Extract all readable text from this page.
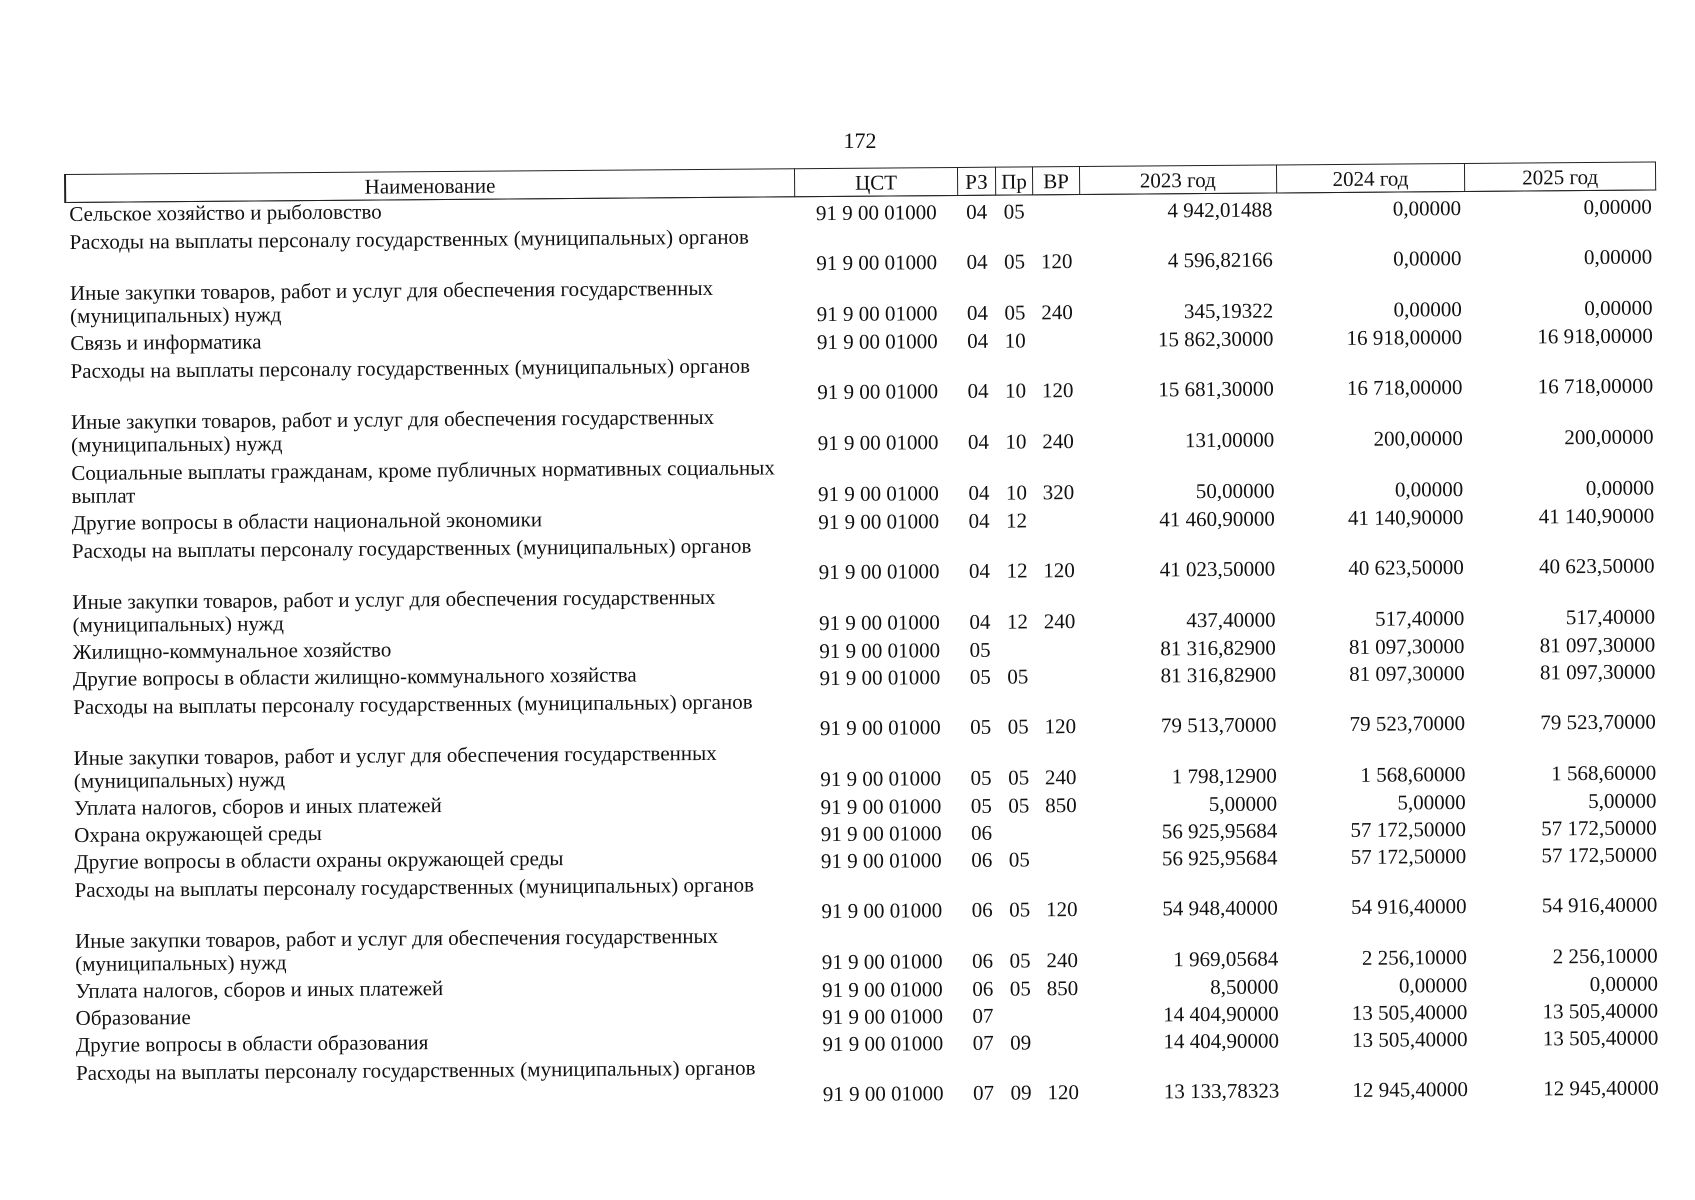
172
Наименование	ЦСТ	РЗ	Пр	ВР	2023 год	2024 год	2025 год
Сельское хозяйство и рыболовство	91 9 00 01000	04	05		4 942,01488	0,00000	0,00000
Расходы на выплаты персоналу государственных (муниципальных) органов	91 9 00 01000	04	05	120	4 596,82166	0,00000	0,00000
Иные закупки товаров, работ и услуг для обеспечения государственных (муниципальных) нужд	91 9 00 01000	04	05	240	345,19322	0,00000	0,00000
Связь и информатика	91 9 00 01000	04	10		15 862,30000	16 918,00000	16 918,00000
Расходы на выплаты персоналу государственных (муниципальных) органов	91 9 00 01000	04	10	120	15 681,30000	16 718,00000	16 718,00000
Иные закупки товаров, работ и услуг для обеспечения государственных (муниципальных) нужд	91 9 00 01000	04	10	240	131,00000	200,00000	200,00000
Социальные выплаты гражданам, кроме публичных нормативных социальных выплат	91 9 00 01000	04	10	320	50,00000	0,00000	0,00000
Другие вопросы в области национальной экономики	91 9 00 01000	04	12		41 460,90000	41 140,90000	41 140,90000
Расходы на выплаты персоналу государственных (муниципальных) органов	91 9 00 01000	04	12	120	41 023,50000	40 623,50000	40 623,50000
Иные закупки товаров, работ и услуг для обеспечения государственных (муниципальных) нужд	91 9 00 01000	04	12	240	437,40000	517,40000	517,40000
Жилищно-коммунальное хозяйство	91 9 00 01000	05			81 316,82900	81 097,30000	81 097,30000
Другие вопросы в области жилищно-коммунального хозяйства	91 9 00 01000	05	05		81 316,82900	81 097,30000	81 097,30000
Расходы на выплаты персоналу государственных (муниципальных) органов	91 9 00 01000	05	05	120	79 513,70000	79 523,70000	79 523,70000
Иные закупки товаров, работ и услуг для обеспечения государственных (муниципальных) нужд	91 9 00 01000	05	05	240	1 798,12900	1 568,60000	1 568,60000
Уплата налогов, сборов и иных платежей	91 9 00 01000	05	05	850	5,00000	5,00000	5,00000
Охрана окружающей среды	91 9 00 01000	06			56 925,95684	57 172,50000	57 172,50000
Другие вопросы в области охраны окружающей среды	91 9 00 01000	06	05		56 925,95684	57 172,50000	57 172,50000
Расходы на выплаты персоналу государственных (муниципальных) органов	91 9 00 01000	06	05	120	54 948,40000	54 916,40000	54 916,40000
Иные закупки товаров, работ и услуг для обеспечения государственных (муниципальных) нужд	91 9 00 01000	06	05	240	1 969,05684	2 256,10000	2 256,10000
Уплата налогов, сборов и иных платежей	91 9 00 01000	06	05	850	8,50000	0,00000	0,00000
Образование	91 9 00 01000	07			14 404,90000	13 505,40000	13 505,40000
Другие вопросы в области образования	91 9 00 01000	07	09		14 404,90000	13 505,40000	13 505,40000
Расходы на выплаты персоналу государственных (муниципальных) органов	91 9 00 01000	07	09	120	13 133,78323	12 945,40000	12 945,40000
